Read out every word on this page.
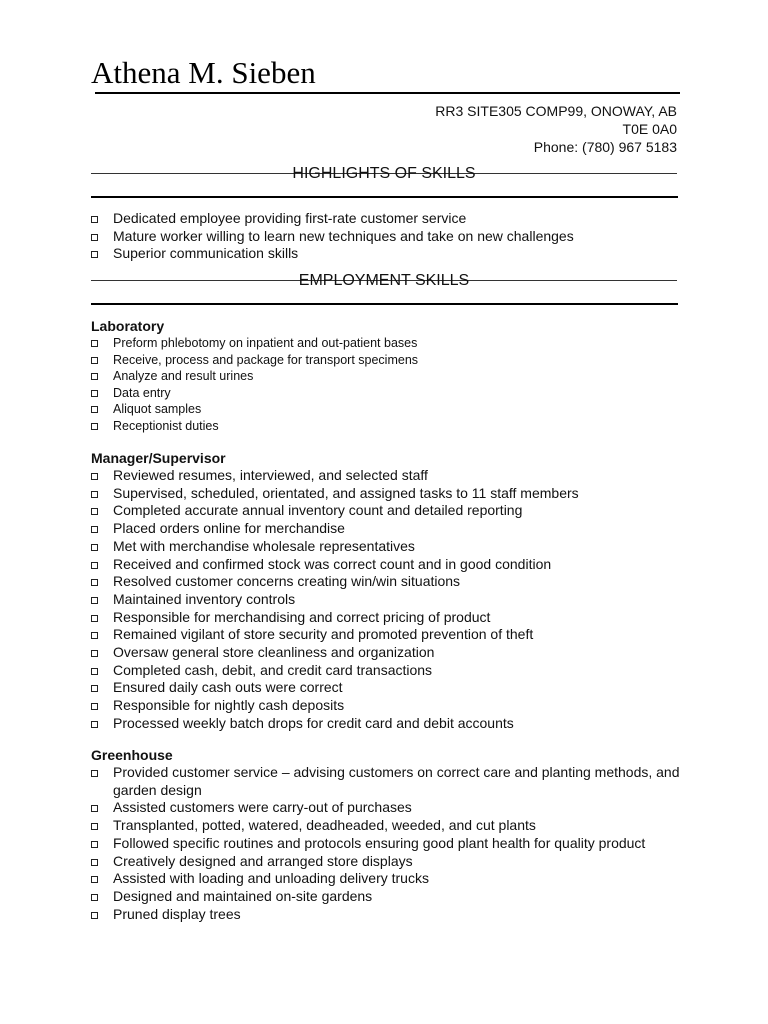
Athena M. Sieben
RR3 SITE305 COMP99, ONOWAY, AB
T0E 0A0
Phone: (780) 967 5183
HIGHLIGHTS OF SKILLS
Dedicated employee providing first-rate customer service
Mature worker willing to learn new techniques and take on new challenges
Superior communication skills
EMPLOYMENT SKILLS
Laboratory
Preform phlebotomy on inpatient and out-patient bases
Receive, process and package for transport specimens
Analyze and result urines
Data entry
Aliquot samples
Receptionist duties
Manager/Supervisor
Reviewed resumes, interviewed, and selected staff
Supervised, scheduled, orientated, and assigned tasks to 11 staff members
Completed accurate annual inventory count and detailed reporting
Placed orders online for merchandise
Met with merchandise wholesale representatives
Received and confirmed stock was correct count and in good condition
Resolved customer concerns creating win/win situations
Maintained inventory controls
Responsible for merchandising and correct pricing of product
Remained vigilant of store security and promoted prevention of theft
Oversaw general store cleanliness and organization
Completed cash, debit, and credit card transactions
Ensured daily cash outs were correct
Responsible for nightly cash deposits
Processed weekly batch drops for credit card and debit accounts
Greenhouse
Provided customer service – advising customers on correct care and planting methods, and garden design
Assisted customers were carry-out of purchases
Transplanted, potted, watered, deadheaded, weeded, and cut plants
Followed specific routines and protocols ensuring good plant health for quality product
Creatively designed and arranged store displays
Assisted with loading and unloading delivery trucks
Designed and maintained on-site gardens
Pruned display trees
